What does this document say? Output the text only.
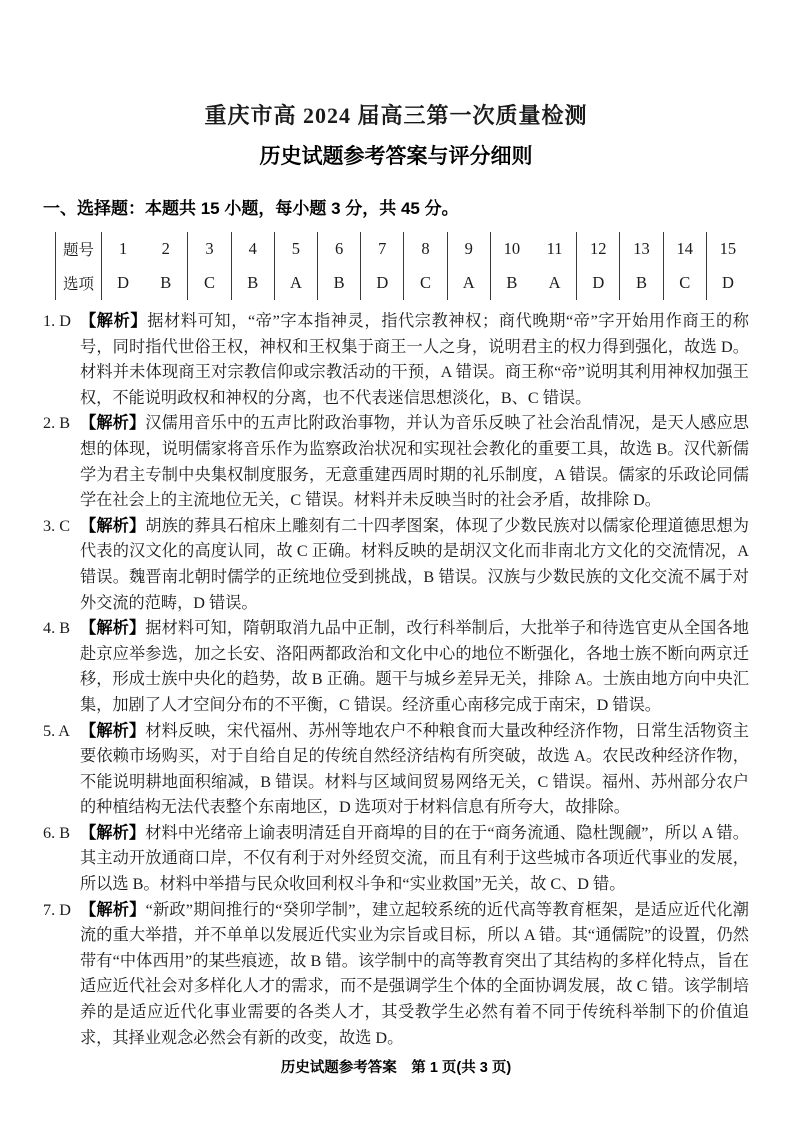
重庆市高 2024 届高三第一次质量检测
历史试题参考答案与评分细则
一、选择题：本题共 15 小题，每小题 3 分，共 45 分。
题号	1	2	3	4	5	6	7	8	9	10	11	12	13	14	15
选项	D	B	C	B	A	B	D	C	A	B	A	D	B	C	D

1. D 【解析】据材料可知，“帝”字本指神灵，指代宗教神权；商代晚期“帝”字开始用作商王的称号，同时指代世俗王权，神权和王权集于商王一人之身，说明君主的权力得到强化，故选 D。材料并未体现商王对宗教信仰或宗教活动的干预，A 错误。商王称“帝”说明其利用神权加强王权，不能说明政权和神权的分离，也不代表迷信思想淡化，B、C 错误。

2. B 【解析】汉儒用音乐中的五声比附政治事物，并认为音乐反映了社会治乱情况，是天人感应思想的体现，说明儒家将音乐作为监察政治状况和实现社会教化的重要工具，故选 B。汉代新儒学为君主专制中央集权制度服务，无意重建西周时期的礼乐制度，A 错误。儒家的乐政论同儒学在社会上的主流地位无关，C 错误。材料并未反映当时的社会矛盾，故排除 D。

3. C 【解析】胡族的葬具石棺床上雕刻有二十四孝图案，体现了少数民族对以儒家伦理道德思想为代表的汉文化的高度认同，故 C 正确。材料反映的是胡汉文化而非南北方文化的交流情况，A 错误。魏晋南北朝时儒学的正统地位受到挑战，B 错误。汉族与少数民族的文化交流不属于对外交流的范畴，D 错误。

4. B 【解析】据材料可知，隋朝取消九品中正制，改行科举制后，大批举子和待选官吏从全国各地赴京应举参选，加之长安、洛阳两都政治和文化中心的地位不断强化，各地士族不断向两京迁移，形成士族中央化的趋势，故 B 正确。题干与城乡差异无关，排除 A。士族由地方向中央汇集，加剧了人才空间分布的不平衡，C 错误。经济重心南移完成于南宋，D 错误。

5. A 【解析】材料反映，宋代福州、苏州等地农户不种粮食而大量改种经济作物，日常生活物资主要依赖市场购买，对于自给自足的传统自然经济结构有所突破，故选 A。农民改种经济作物，不能说明耕地面积缩减，B 错误。材料与区域间贸易网络无关，C 错误。福州、苏州部分农户的种植结构无法代表整个东南地区，D 选项对于材料信息有所夸大，故排除。

6. B 【解析】材料中光绪帝上谕表明清廷自开商埠的目的在于“商务流通、隐杜觊觎”，所以 A 错。其主动开放通商口岸，不仅有利于对外经贸交流，而且有利于这些城市各项近代事业的发展，所以选 B。材料中举措与民众收回利权斗争和“实业救国”无关，故 C、D 错。

7. D 【解析】“新政”期间推行的“癸卯学制”，建立起较系统的近代高等教育框架，是适应近代化潮流的重大举措，并不单单以发展近代实业为宗旨或目标，所以 A 错。其“通儒院”的设置，仍然带有“中体西用”的某些痕迹，故 B 错。该学制中的高等教育突出了其结构的多样化特点，旨在适应近代社会对多样化人才的需求，而不是强调学生个体的全面协调发展，故 C 错。该学制培养的是适应近代化事业需要的各类人才，其受教学生必然有着不同于传统科举制下的价值追求，其择业观念必然会有新的改变，故选 D。

历史试题参考答案　第 1 页(共 3 页)
